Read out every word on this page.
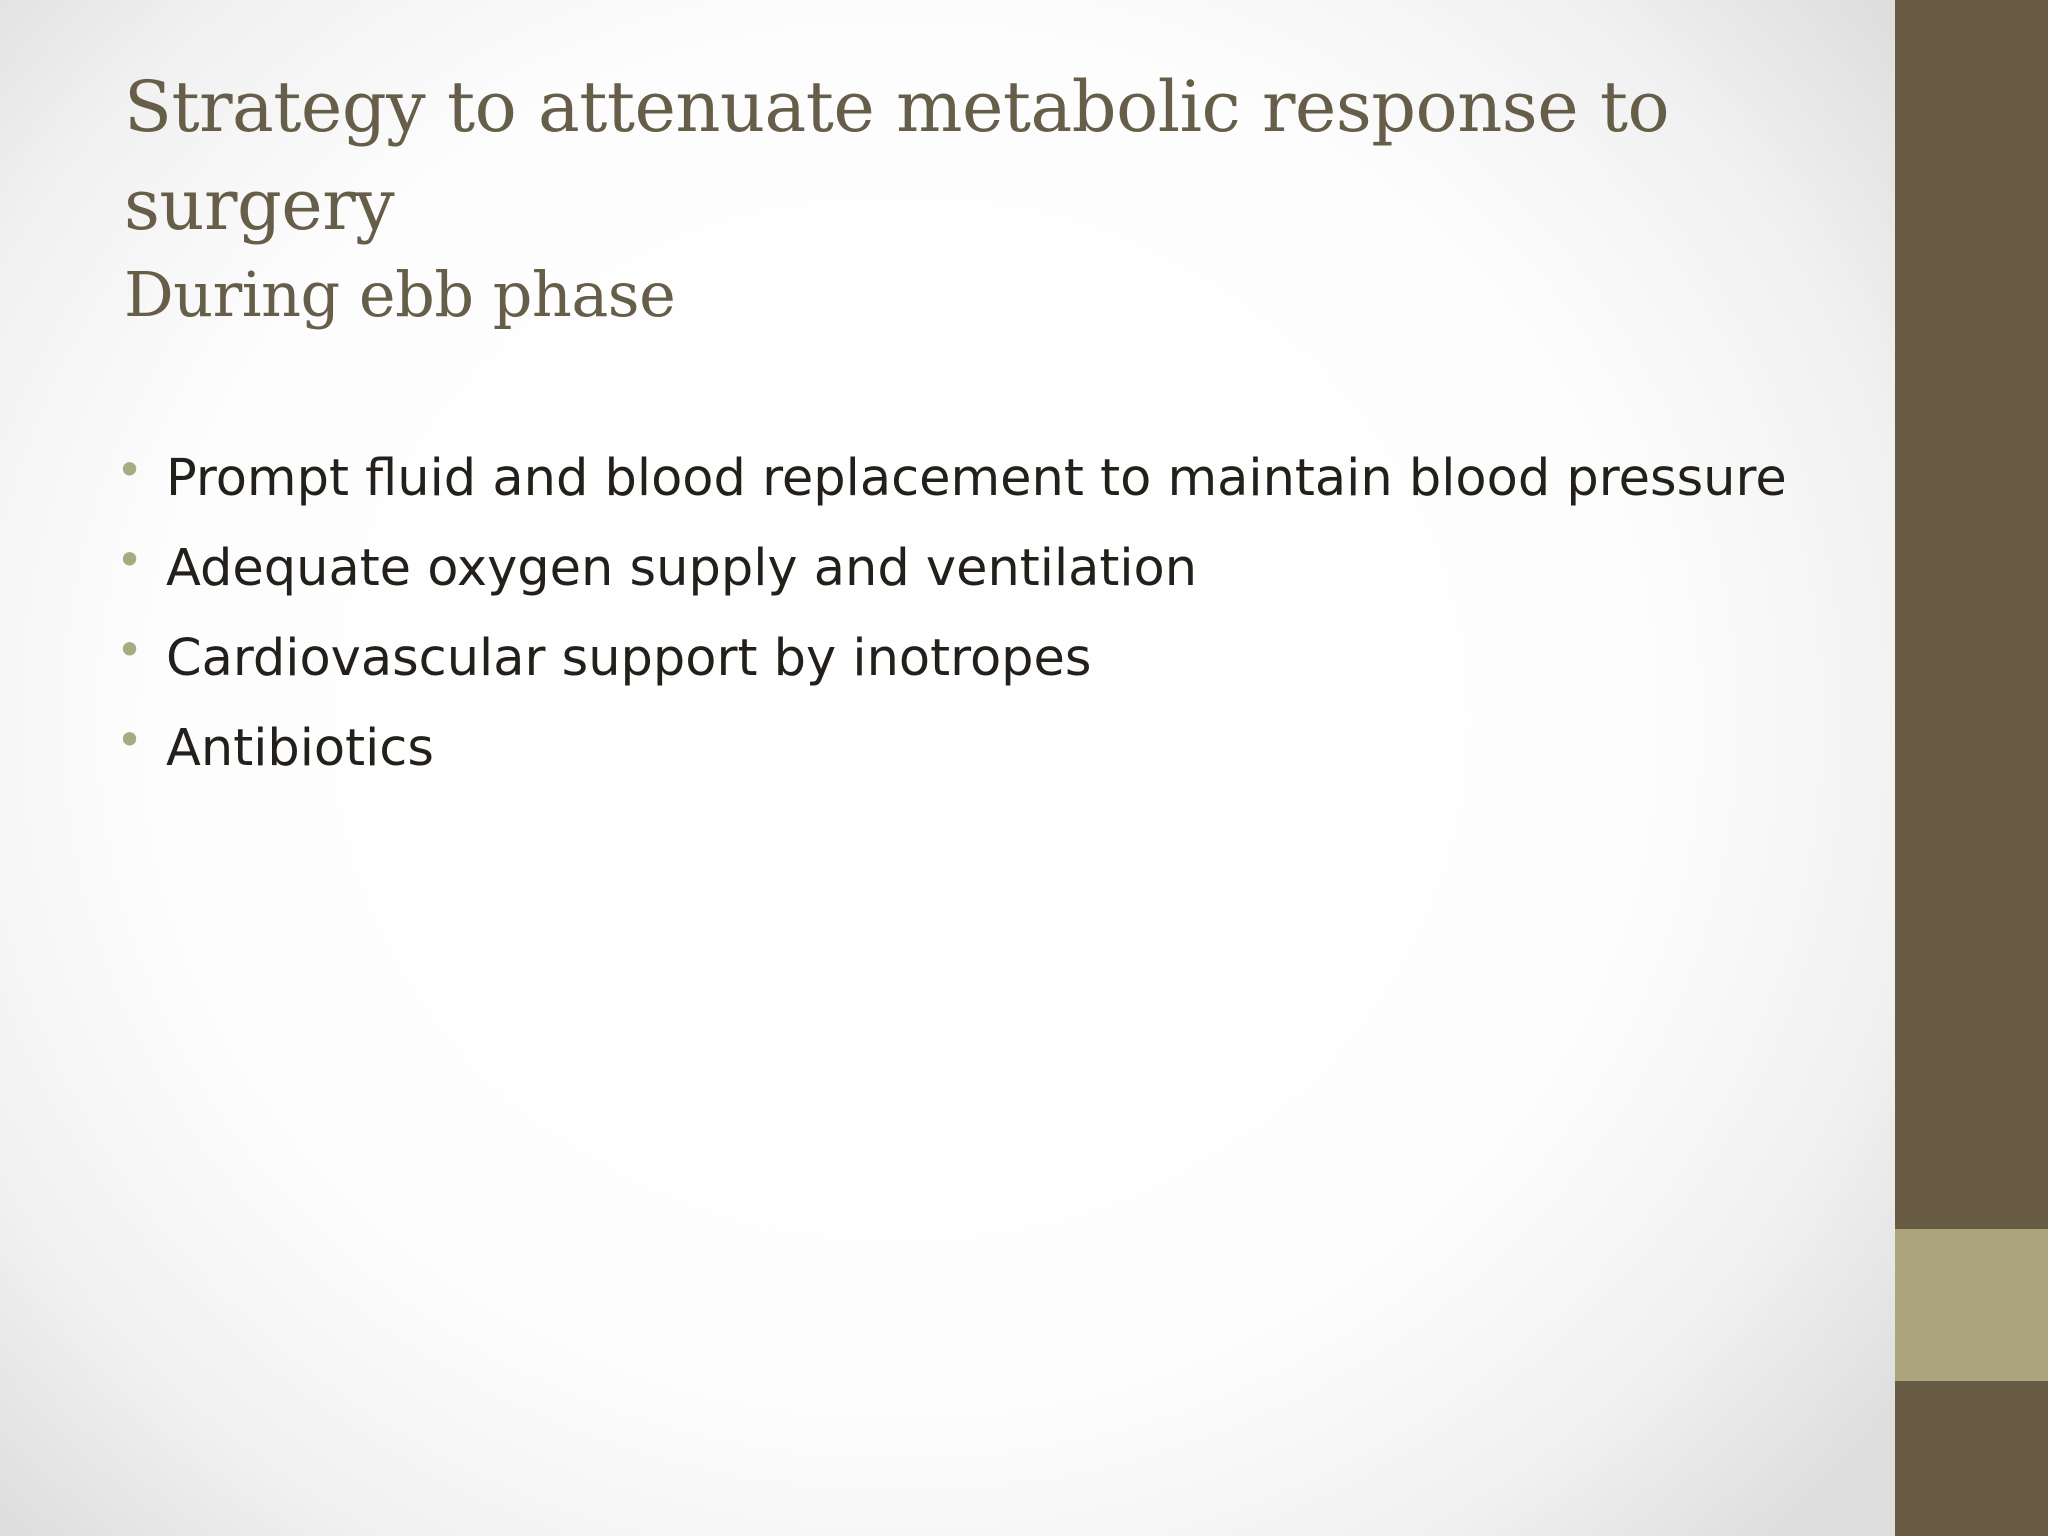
Strategy to attenuate metabolic response to surgery
During ebb phase
• Prompt fluid and blood replacement to maintain blood pressure
• Adequate oxygen supply and ventilation
• Cardiovascular support by inotropes
• Antibiotics
